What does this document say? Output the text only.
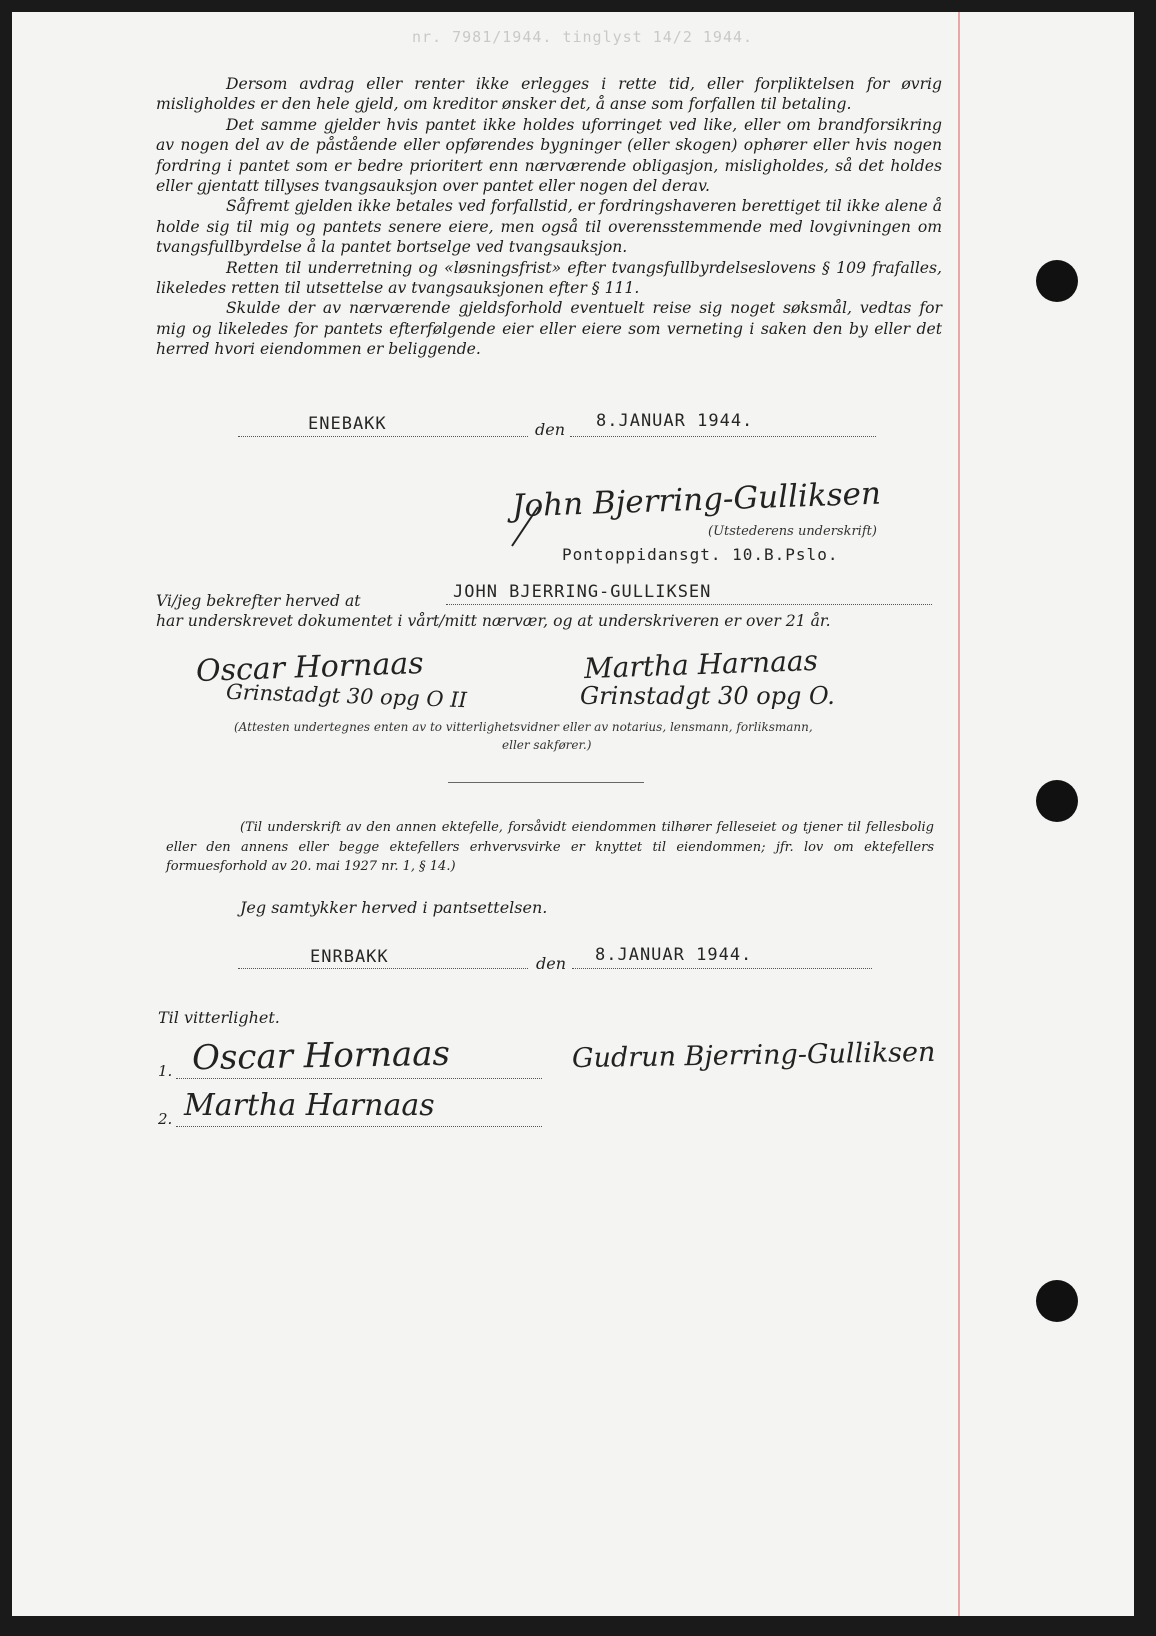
nr. 7981/1944. tinglyst 14/2 1944.

Dersom avdrag eller renter ikke erlegges i rette tid, eller forpliktelsen for øvrig misligholdes er den hele gjeld, om kreditor ønsker det, å anse som forfallen til betaling.

Det samme gjelder hvis pantet ikke holdes uforringet ved like, eller om brandforsikring av nogen del av de påstående eller opførendes bygninger (eller skogen) ophører eller hvis nogen fordring i pantet som er bedre prioritert enn nærværende obligasjon, misligholdes, så det holdes eller gjentatt tillyses tvangsauksjon over pantet eller nogen del derav.

Såfremt gjelden ikke betales ved forfallstid, er fordringshaveren berettiget til ikke alene å holde sig til mig og pantets senere eiere, men også til overensstemmende med lovgivningen om tvangsfullbyrdelse å la pantet bortselge ved tvangsauksjon.

Retten til underretning og «løsningsfrist» efter tvangsfullbyrdelseslovens § 109 frafalles, likeledes retten til utsettelse av tvangsauksjonen efter § 111.

Skulde der av nærværende gjeldsforhold eventuelt reise sig noget søksmål, vedtas for mig og likeledes for pantets efterfølgende eier eller eiere som verneting i saken den by eller det herred hvori eiendommen er beliggende.

ENEBAKK	den 8.JANUAR 1944.
John Bjerring-Gulliksen
(Utstederens underskrift)
Pontoppidansgt. 10.B.Pslo.
Vi/jeg bekrefter herved at	JOHN BJERRING-GULLIKSEN
har underskrevet dokumentet i vårt/mitt nærvær, og at underskriveren er over 21 år.
Oscar Hornaas	Martha Harnaas
Grinstadgt 30 opg O II	Grinstadgt 30 opg O.
(Attesten undertegnes enten av to vitterlighetsvidner eller av notarius, lensmann, forliksmann,
eller sakfører.)
(Til underskrift av den annen ektefelle, forsåvidt eiendommen tilhører felleseiet og tjener til fellesbolig eller den annens eller begge ektefellers erhvervsvirke er knyttet til eiendommen; jfr. lov om ektefellers formuesforhold av 20. mai 1927 nr. 1, § 14.)
Jeg samtykker herved i pantsettelsen.
ENRBAKK	den 8.JANUAR 1944.
Til vitterlighet.
1.
2.
Oscar Hornaas
Martha Harnaas
Gudrun Bjerring-Gulliksen
